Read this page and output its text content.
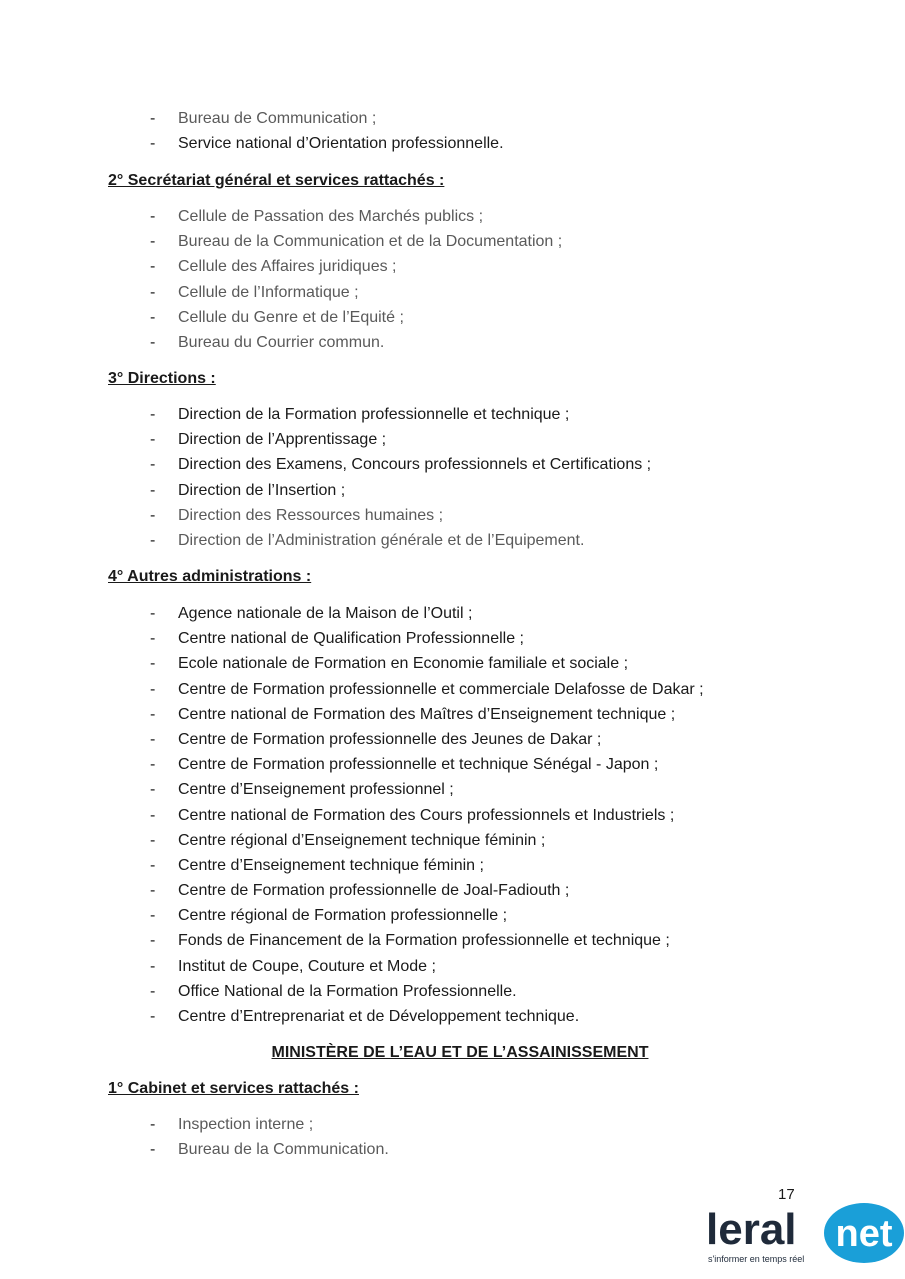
-	Bureau de Communication ;
-	Service national d’Orientation professionnelle.
2° Secrétariat général et services rattachés :
-	Cellule de Passation des Marchés publics ;
-	Bureau de la Communication et de la Documentation ;
-	Cellule des Affaires juridiques ;
-	Cellule de l’Informatique ;
-	Cellule du Genre et de l’Equité ;
-	Bureau du Courrier commun.
3° Directions :
-	Direction de la Formation professionnelle et technique ;
-	Direction de l’Apprentissage ;
-	Direction des Examens, Concours professionnels et Certifications ;
-	Direction de l’Insertion ;
-	Direction des Ressources humaines ;
-	Direction de l’Administration générale et de l’Equipement.
4° Autres administrations :
-	Agence nationale de la Maison de l’Outil ;
-	Centre national de Qualification Professionnelle ;
-	Ecole nationale de Formation en Economie familiale et sociale ;
-	Centre de Formation professionnelle et commerciale Delafosse de Dakar ;
-	Centre national de Formation des Maîtres d’Enseignement technique ;
-	Centre de Formation professionnelle des Jeunes de Dakar ;
-	Centre de Formation professionnelle et technique Sénégal - Japon ;
-	Centre d’Enseignement professionnel ;
-	Centre national de Formation des Cours professionnels et Industriels ;
-	Centre régional d’Enseignement technique féminin ;
-	Centre d’Enseignement technique féminin ;
-	Centre de Formation professionnelle de Joal-Fadiouth ;
-	Centre régional de Formation professionnelle ;
-	Fonds de Financement de la Formation professionnelle et technique ;
-	Institut de Coupe, Couture et Mode ;
-	Office National de la Formation Professionnelle.
-	Centre d’Entreprenariat et de Développement technique.
MINISTÈRE DE L’EAU ET DE L’ASSAINISSEMENT
1° Cabinet et services rattachés :
-	Inspection interne ;
-	Bureau de la Communication.
17
leral net
s'informer en temps réel
